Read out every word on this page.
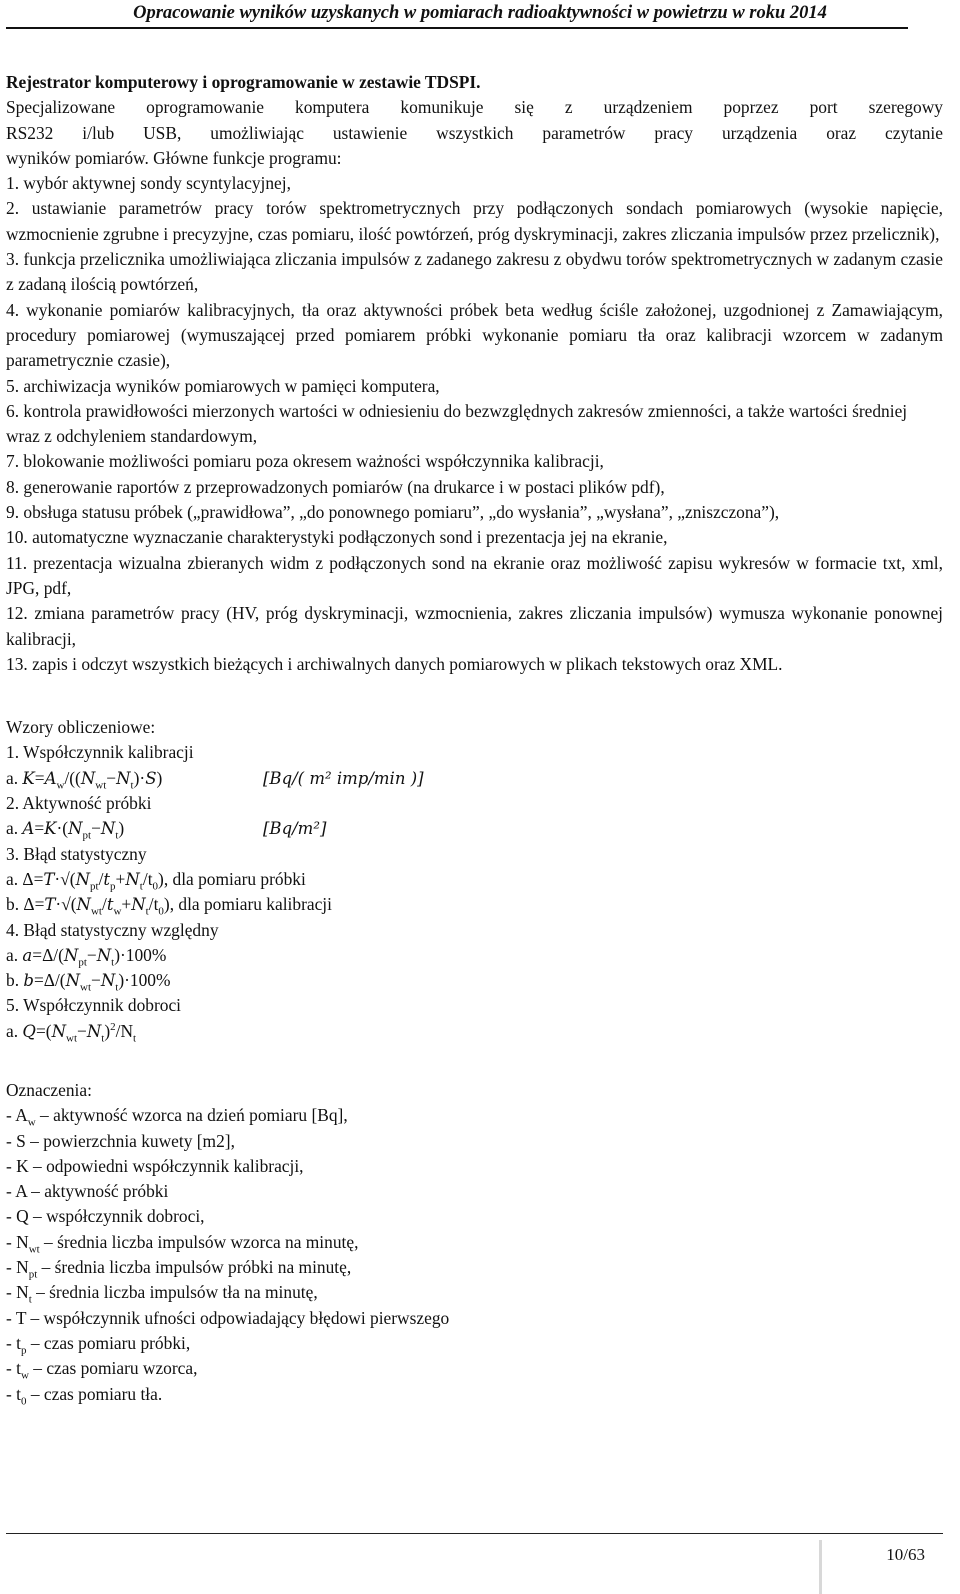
Opracowanie wyników uzyskanych w pomiarach radioaktywności w powietrzu w roku 2014
Rejestrator komputerowy i oprogramowanie w zestawie TDSPI.
Specjalizowane oprogramowanie komputera komunikuje się z urządzeniem poprzez port szeregowy
RS232 i/lub USB, umożliwiając ustawienie wszystkich parametrów pracy urządzenia oraz czytanie
wyników pomiarów. Główne funkcje programu:
1. wybór aktywnej sondy scyntylacyjnej,
2. ustawianie parametrów pracy torów spektrometrycznych przy podłączonych sondach pomiarowych (wysokie napięcie, wzmocnienie zgrubne i precyzyjne, czas pomiaru, ilość powtórzeń, próg dyskryminacji, zakres zliczania impulsów przez przelicznik),
3. funkcja przelicznika umożliwiająca zliczania impulsów z zadanego zakresu z obydwu torów spektrometrycznych w zadanym czasie z zadaną ilością powtórzeń,
4. wykonanie pomiarów kalibracyjnych, tła oraz aktywności próbek beta według ściśle założonej, uzgodnionej z Zamawiającym, procedury pomiarowej (wymuszającej przed pomiarem próbki wykonanie pomiaru tła oraz kalibracji wzorcem w zadanym parametrycznie czasie),
5. archiwizacja wyników pomiarowych w pamięci komputera,
6. kontrola prawidłowości mierzonych wartości w odniesieniu do bezwzględnych zakresów zmienności, a także wartości średniej wraz z odchyleniem standardowym,
7. blokowanie możliwości pomiaru poza okresem ważności współczynnika kalibracji,
8. generowanie raportów z przeprowadzonych pomiarów (na drukarce i w postaci plików pdf),
9. obsługa statusu próbek („prawidłowa”, „do ponownego pomiaru”, „do wysłania”, „wysłana”, „zniszczona”),
10. automatyczne wyznaczanie charakterystyki podłączonych sond i prezentacja jej na ekranie,
11. prezentacja wizualna zbieranych widm z podłączonych sond na ekranie oraz możliwość zapisu wykresów w formacie txt, xml, JPG, pdf,
12. zmiana parametrów pracy (HV, próg dyskryminacji, wzmocnienia, zakres zliczania impulsów) wymusza wykonanie ponownej kalibracji,
13. zapis i odczyt wszystkich bieżących i archiwalnych danych pomiarowych w plikach tekstowych oraz XML.
Wzory obliczeniowe:
1. Współczynnik kalibracji
a. $K=A_w/((N_{wt}-N_t)\cdot S)$	[Bq/( m² imp/min )]
2. Aktywność próbki
a. $A=K\cdot(N_{pt}-N_t)$	[Bq/m²]
3. Błąd statystyczny
a. $\Delta=T\cdot√(N_{pt}/t_p+N_t/t_0)$, dla pomiaru próbki
b. $\Delta=T\cdot√(N_{wt}/t_w+N_t/t_0)$, dla pomiaru kalibracji
4. Błąd statystyczny względny
a. $a=\Delta/(N_{pt}-N_t)\cdot 100\%$
b. $b=\Delta/(N_{wt}-N_t)\cdot 100\%$
5. Współczynnik dobroci
a. $Q=(N_{wt}-N_t)^2/N_t$
Oznaczenia:
- $A_w$ – aktywność wzorca na dzień pomiaru [Bq],
- S – powierzchnia kuwety [m2],
- K – odpowiedni współczynnik kalibracji,
- A – aktywność próbki
- Q – współczynnik dobroci,
- $N_{wt}$ – średnia liczba impulsów wzorca na minutę,
- $N_{pt}$ – średnia liczba impulsów próbki na minutę,
- $N_t$ – średnia liczba impulsów tła na minutę,
- T – współczynnik ufności odpowiadający błędowi pierwszego
- $t_p$ – czas pomiaru próbki,
- $t_w$ – czas pomiaru wzorca,
- $t_0$ – czas pomiaru tła.
10/63
